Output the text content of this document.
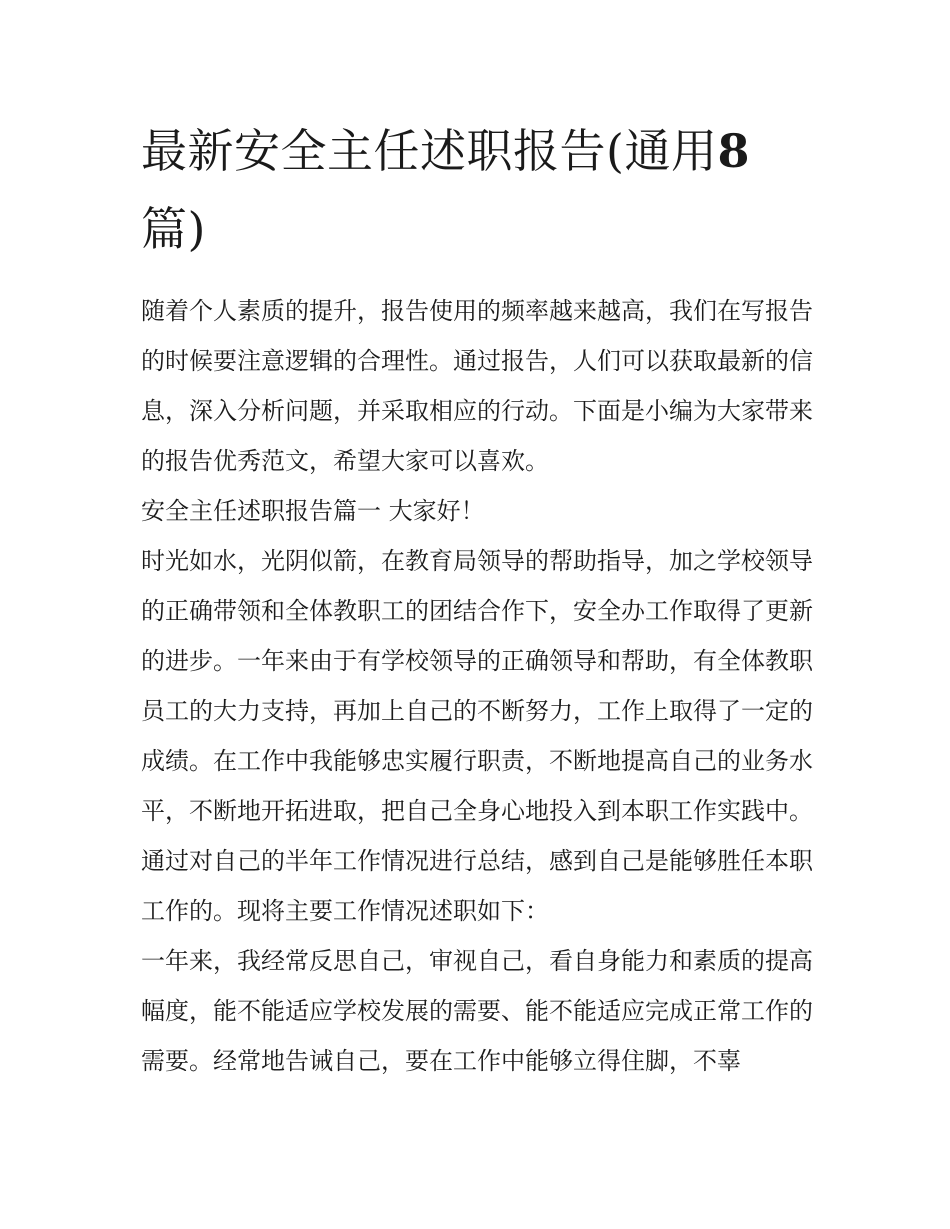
最新安全主任述职报告(通用8篇)

随着个人素质的提升，报告使用的频率越来越高，我们在写报告的时候要注意逻辑的合理性。通过报告，人们可以获取最新的信息，深入分析问题，并采取相应的行动。下面是小编为大家带来的报告优秀范文，希望大家可以喜欢。

安全主任述职报告篇一 大家好！

时光如水，光阴似箭，在教育局领导的帮助指导，加之学校领导的正确带领和全体教职工的团结合作下，安全办工作取得了更新的进步。一年来由于有学校领导的正确领导和帮助，有全体教职员工的大力支持，再加上自己的不断努力，工作上取得了一定的成绩。在工作中我能够忠实履行职责，不断地提高自己的业务水平，不断地开拓进取，把自己全身心地投入到本职工作实践中。通过对自己的半年工作情况进行总结，感到自己是能够胜任本职工作的。现将主要工作情况述职如下：

一年来，我经常反思自己，审视自己，看自身能力和素质的提高幅度，能不能适应学校发展的需要、能不能适应完成正常工作的需要。经常地告诫自己，要在工作中能够立得住脚，不辜
